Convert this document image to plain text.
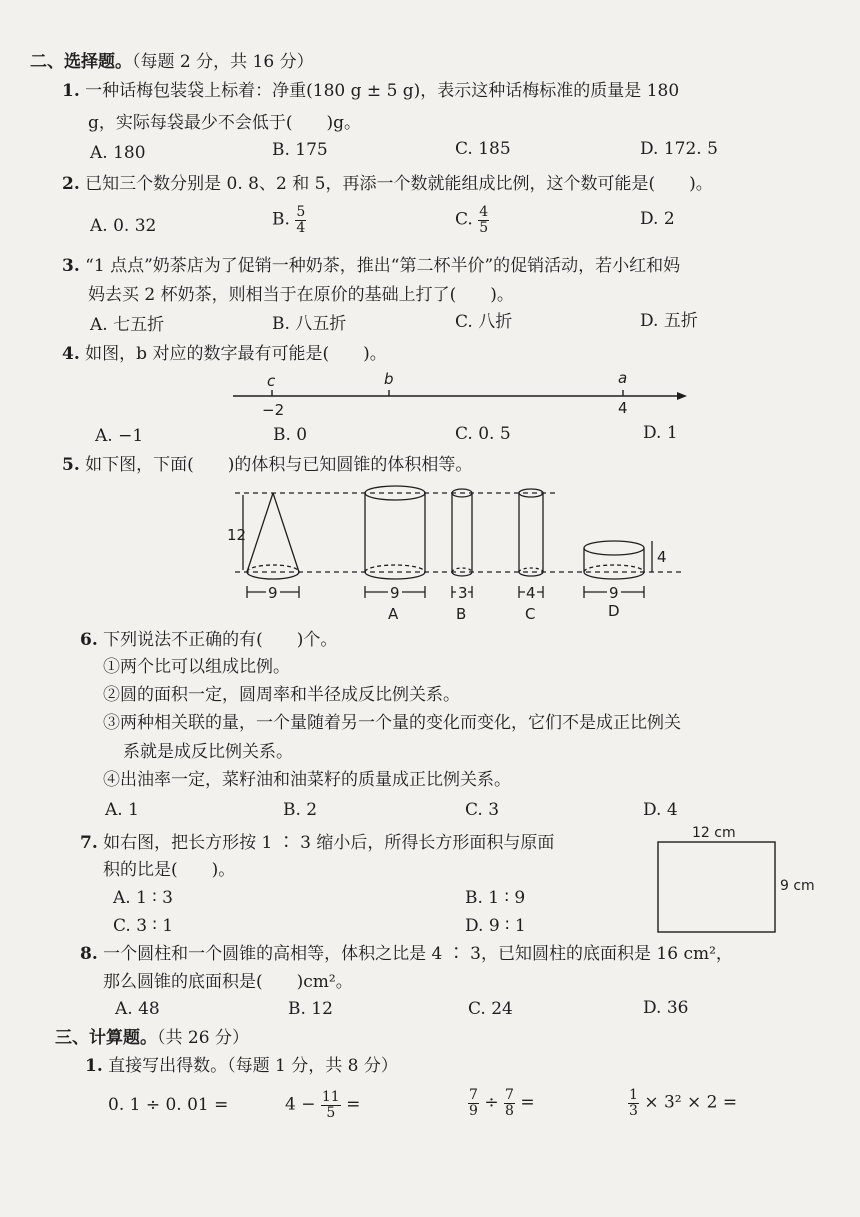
二、选择题。（每题 2 分，共 16 分）
1. 一种话梅包装袋上标着：净重(180 g ± 5 g)，表示这种话梅标准的质量是 180
g，实际每袋最少不会低于(　　)g。
A. 180	B. 175	C. 185	D. 172. 5
2. 已知三个数分别是 0. 8、2 和 5，再添一个数就能组成比例，这个数可能是(　　)。
A. 0. 32	B. $\frac{5}{4}$	C. $\frac{4}{5}$	D. 2
3. “1 点点”奶茶店为了促销一种奶茶，推出“第二杯半价”的促销活动，若小红和妈
妈去买 2 杯奶茶，则相当于在原价的基础上打了(　　)。
A. 七五折	B. 八五折	C. 八折	D. 五折
4. 如图，b 对应的数字最有可能是(　　)。
c	b	a
−2	4
A. −1	B. 0	C. 0. 5	D. 1
5. 如下图，下面(　　)的体积与已知圆锥的体积相等。
12
4
9	9	3	4	9
A	B	C	D
6. 下列说法不正确的有(　　)个。
①两个比可以组成比例。
②圆的面积一定，圆周率和半径成反比例关系。
③两种相关联的量，一个量随着另一个量的变化而变化，它们不是成正比例关
系就是成反比例关系。
④出油率一定，菜籽油和油菜籽的质量成正比例关系。
A. 1	B. 2	C. 3	D. 4
7. 如右图，把长方形按 1 ∶ 3 缩小后，所得长方形面积与原面
积的比是(　　)。
A. 1 ∶ 3	B. 1 ∶ 9
C. 3 ∶ 1	D. 9 ∶ 1
12 cm
9 cm
8. 一个圆柱和一个圆锥的高相等，体积之比是 4 ∶ 3，已知圆柱的底面积是 16 cm²，
那么圆锥的底面积是(　　)cm²。
A. 48	B. 12	C. 24	D. 36
三、计算题。（共 26 分）
1. 直接写出得数。（每题 1 分，共 8 分）
0. 1 ÷ 0. 01 =	$4 - \frac{11}{5}$ =	$\frac{7}{9} \div \frac{7}{8}$ =	$\frac{1}{3} \times 3^2 \times 2$ =
